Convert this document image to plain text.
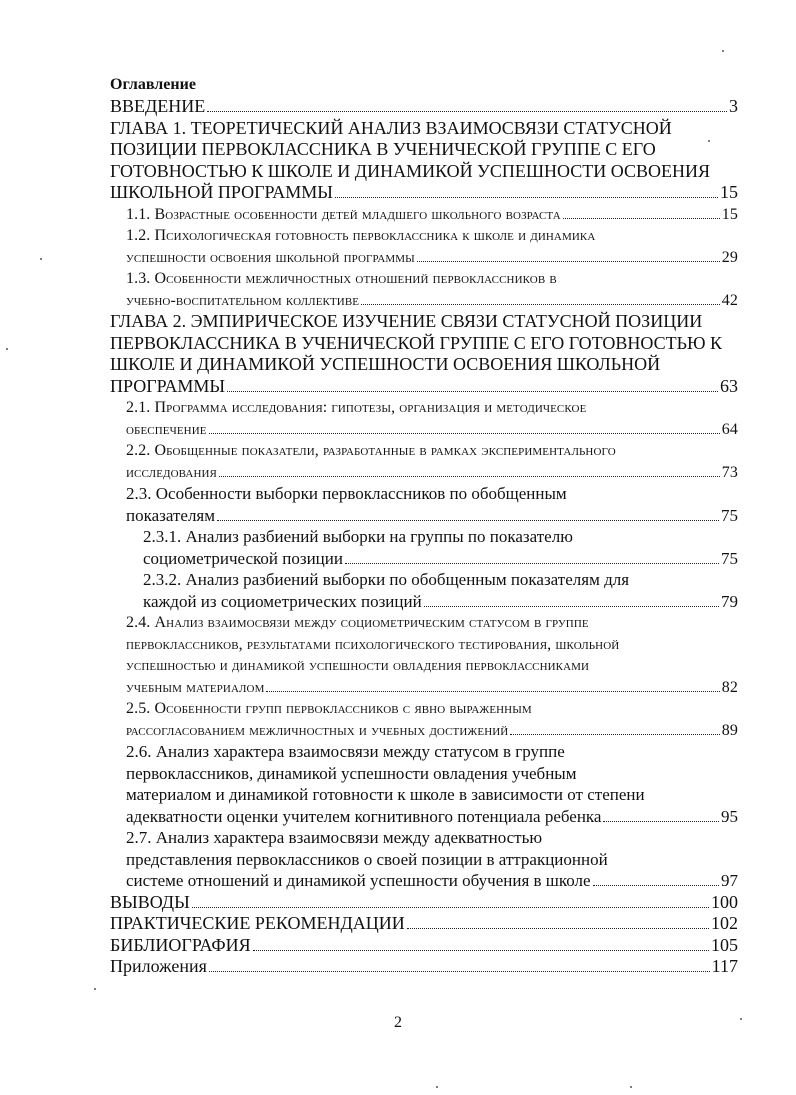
Оглавление

ВВЕДЕНИЕ	3
ГЛАВА 1. ТЕОРЕТИЧЕСКИЙ АНАЛИЗ ВЗАИМОСВЯЗИ СТАТУСНОЙ
ПОЗИЦИИ ПЕРВОКЛАССНИКА В УЧЕНИЧЕСКОЙ ГРУППЕ С ЕГО
ГОТОВНОСТЬЮ К ШКОЛЕ И ДИНАМИКОЙ УСПЕШНОСТИ ОСВОЕНИЯ
ШКОЛЬНОЙ ПРОГРАММЫ	15
1.1. Возрастные особенности детей младшего школьного возраста	15
1.2. Психологическая готовность первоклассника к школе и динамика
успешности освоения школьной программы	29
1.3. Особенности межличностных отношений первоклассников в
учебно-воспитательном коллективе	42
ГЛАВА 2. ЭМПИРИЧЕСКОЕ ИЗУЧЕНИЕ СВЯЗИ СТАТУСНОЙ ПОЗИЦИИ
ПЕРВОКЛАССНИКА В УЧЕНИЧЕСКОЙ ГРУППЕ С ЕГО ГОТОВНОСТЬЮ К
ШКОЛЕ И ДИНАМИКОЙ УСПЕШНОСТИ ОСВОЕНИЯ ШКОЛЬНОЙ
ПРОГРАММЫ	63
2.1. Программа исследования: гипотезы, организация и методическое
обеспечение	64
2.2. Обобщенные показатели, разработанные в рамках экспериментального
исследования	73
2.3. Особенности выборки первоклассников по обобщенным
показателям	75
2.3.1. Анализ разбиений выборки на группы по показателю
социометрической позиции	75
2.3.2. Анализ разбиений выборки по обобщенным показателям для
каждой из социометрических позиций	79
2.4. Анализ взаимосвязи между социометрическим статусом в группе
первоклассников, результатами психологического тестирования, школьной
успешностью и динамикой успешности овладения первоклассниками
учебным материалом	82
2.5. Особенности групп первоклассников с явно выраженным
рассогласованием межличностных и учебных достижений	89
2.6. Анализ характера взаимосвязи между статусом в группе
первоклассников, динамикой успешности овладения учебным
материалом и динамикой готовности к школе в зависимости от степени
адекватности оценки учителем когнитивного потенциала ребенка	95
2.7. Анализ характера взаимосвязи между адекватностью
представления первоклассников о своей позиции в аттракционной
системе отношений и динамикой успешности обучения в школе	97
ВЫВОДЫ	100
ПРАКТИЧЕСКИЕ РЕКОМЕНДАЦИИ	102
БИБЛИОГРАФИЯ	105
Приложения	117
2
